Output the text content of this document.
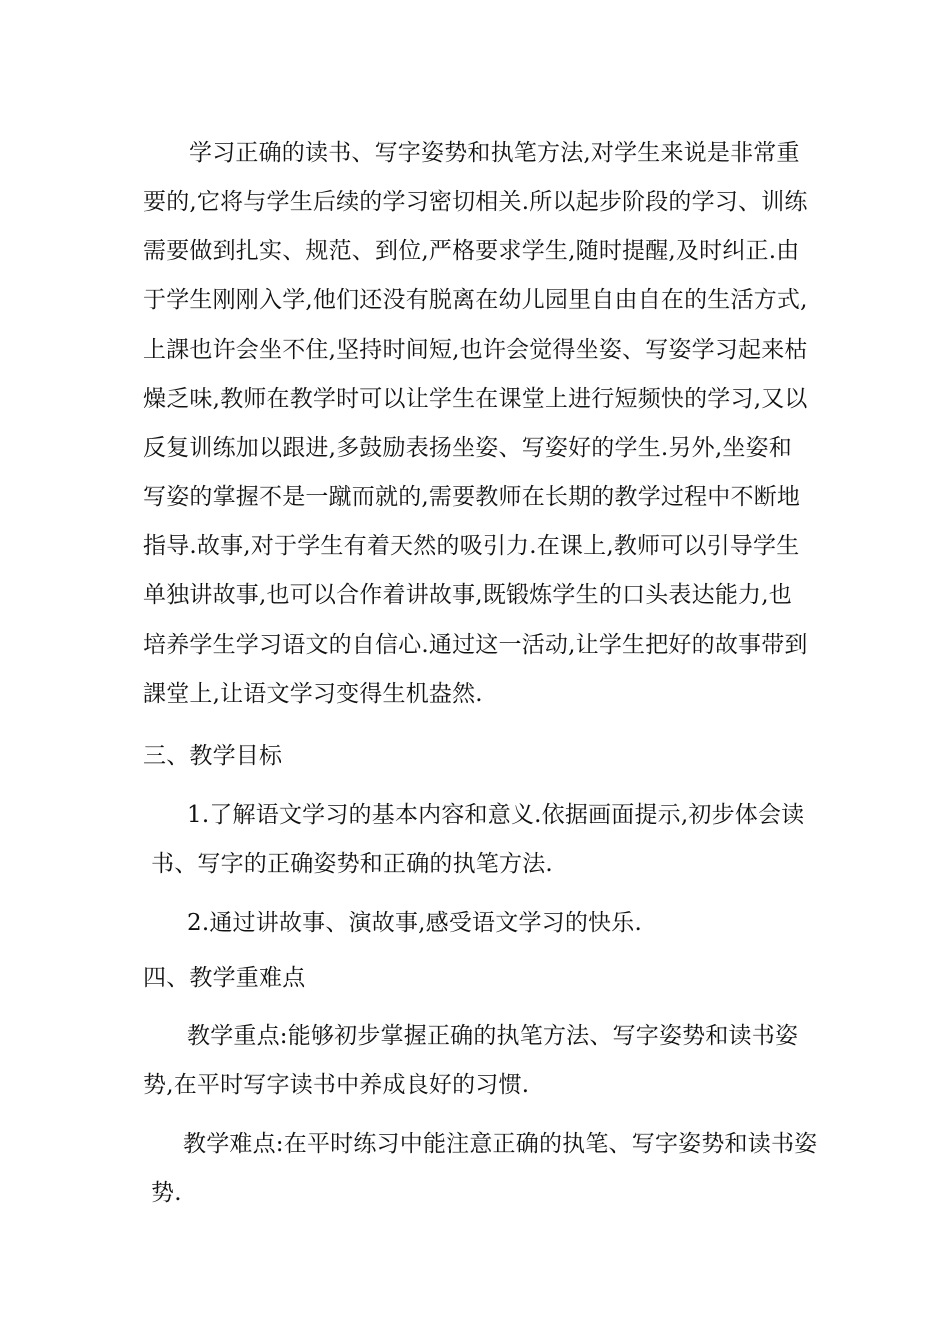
学习正确的读书、写字姿势和执笔方法,对学生来说是非常重
要的,它将与学生后续的学习密切相关.所以起步阶段的学习、训练
需要做到扎实、规范、到位,严格要求学生,随时提醒,及时纠正.由
于学生刚刚入学,他们还没有脱离在幼儿园里自由自在的生活方式,
上課也许会坐不住,坚持时间短,也许会觉得坐姿、写姿学习起来枯
燥乏味,教师在教学时可以让学生在课堂上进行短频快的学习,又以
反复训练加以跟进,多鼓励表扬坐姿、写姿好的学生.另外,坐姿和
写姿的掌握不是一蹴而就的,需要教师在长期的教学过程中不断地
指导.故事,对于学生有着天然的吸引力.在课上,教师可以引导学生
单独讲故事,也可以合作着讲故事,既锻炼学生的口头表达能力,也
培养学生学习语文的自信心.通过这一活动,让学生把好的故事带到
課堂上,让语文学习变得生机盎然.
三、教学目标
1.了解语文学习的基本内容和意义.依据画面提示,初步体会读
书、写字的正确姿势和正确的执笔方法.
2.通过讲故事、演故事,感受语文学习的快乐.
四、教学重难点
教学重点:能够初步掌握正确的执笔方法、写字姿势和读书姿
势,在平时写字读书中养成良好的习惯.
教学难点:在平时练习中能注意正确的执笔、写字姿势和读书姿
势.
